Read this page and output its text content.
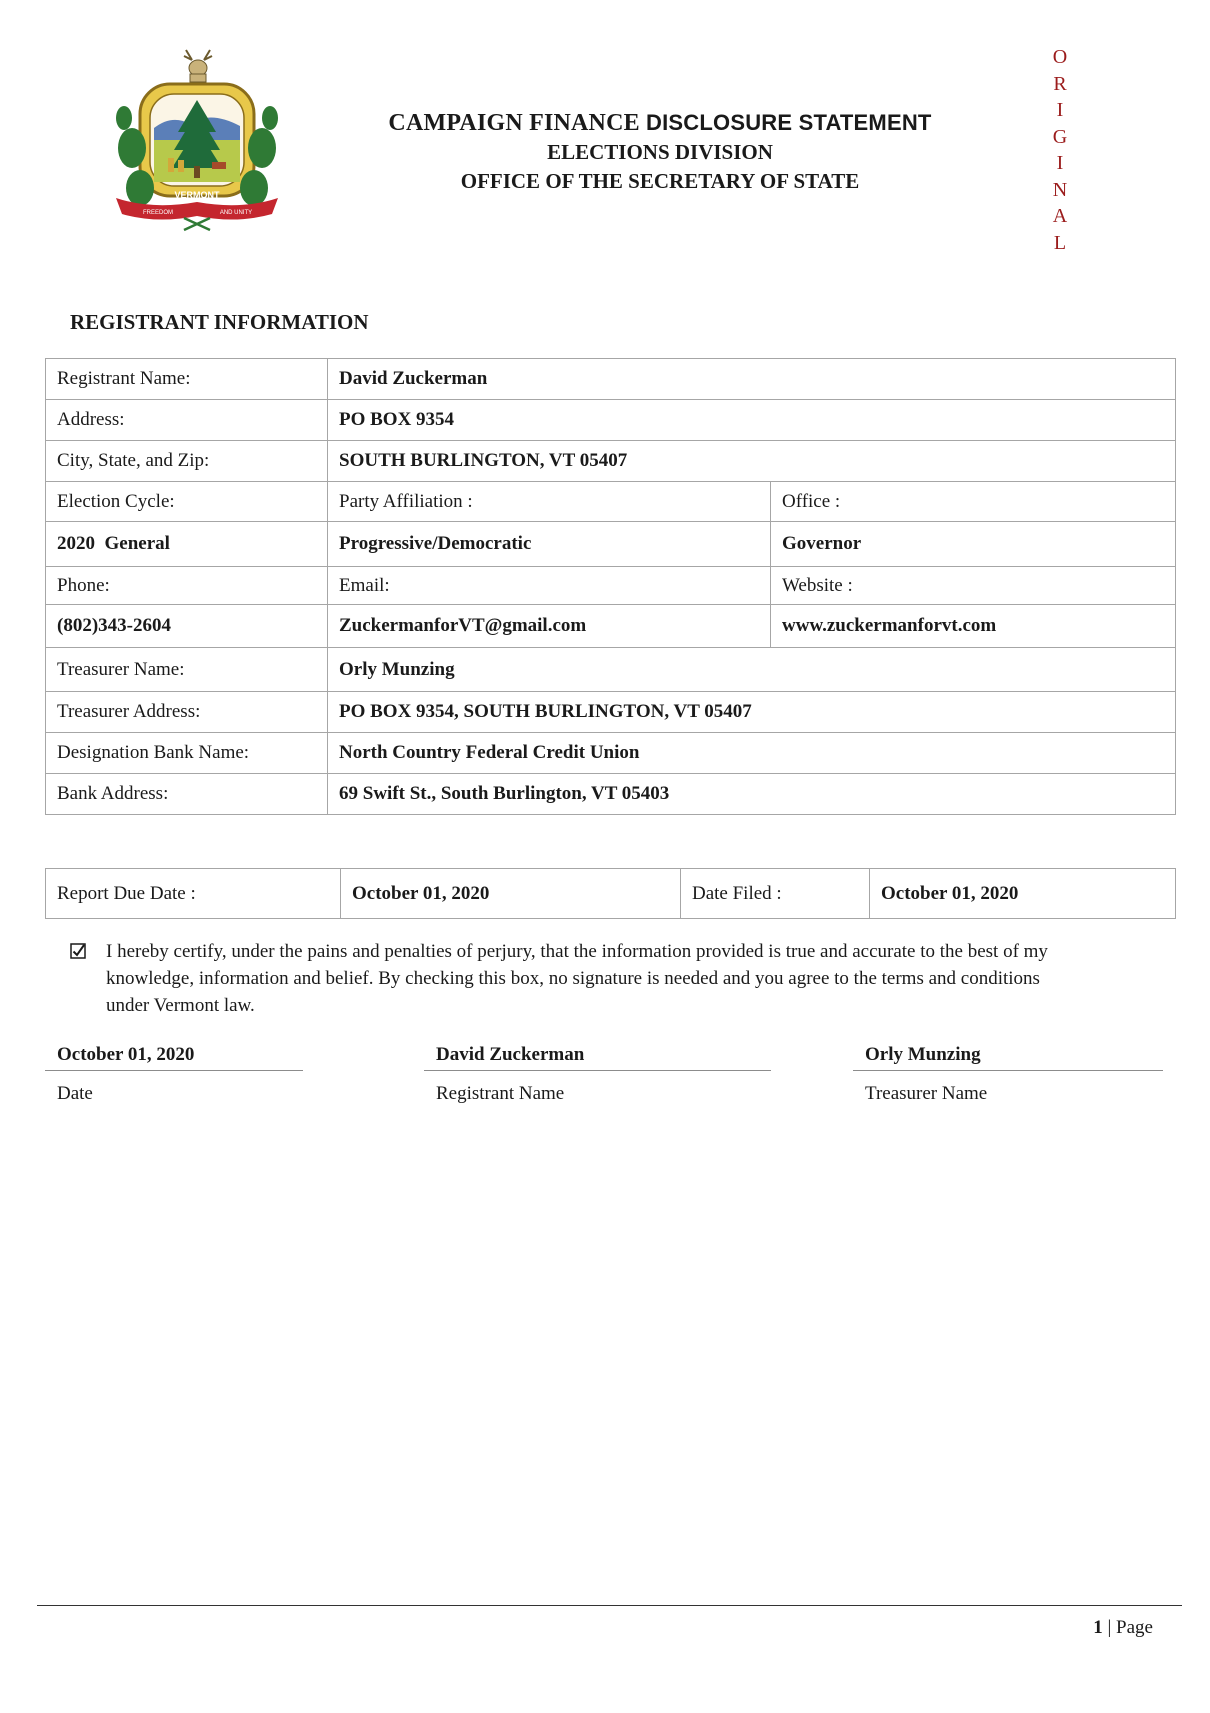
VERMONT
FREEDOM	AND UNITY

CAMPAIGN FINANCE DISCLOSURE STATEMENT

ELECTIONS DIVISION

OFFICE OF THE SECRETARY OF STATE

O
R
I
G
I
N
A
L
REGISTRANT INFORMATION
Registrant Name:	David Zuckerman	
Address:	PO BOX 9354	
City, State, and Zip:	SOUTH BURLINGTON, VT 05407	
Election Cycle:	Party Affiliation :	Office :
2020  General	Progressive/Democratic	Governor
Phone:	Email:	Website :
(802)343-2604	ZuckermanforVT@gmail.com	www.zuckermanforvt.com
Treasurer Name:	Orly Munzing	
Treasurer Address:	PO BOX 9354, SOUTH BURLINGTON, VT 05407	
Designation Bank Name:	North Country Federal Credit Union	
Bank Address:	69 Swift St., South Burlington, VT 05403	
Report Due Date :	October 01, 2020	Date Filed :	October 01, 2020

I hereby certify, under the pains and penalties of perjury, that the information provided is true and accurate to the best of my knowledge, information and belief. By checking this box, no signature is needed and you agree to the terms and conditions under Vermont law.

October 01, 2020
Date
David Zuckerman
Registrant Name
Orly Munzing
Treasurer Name
1 | Page
